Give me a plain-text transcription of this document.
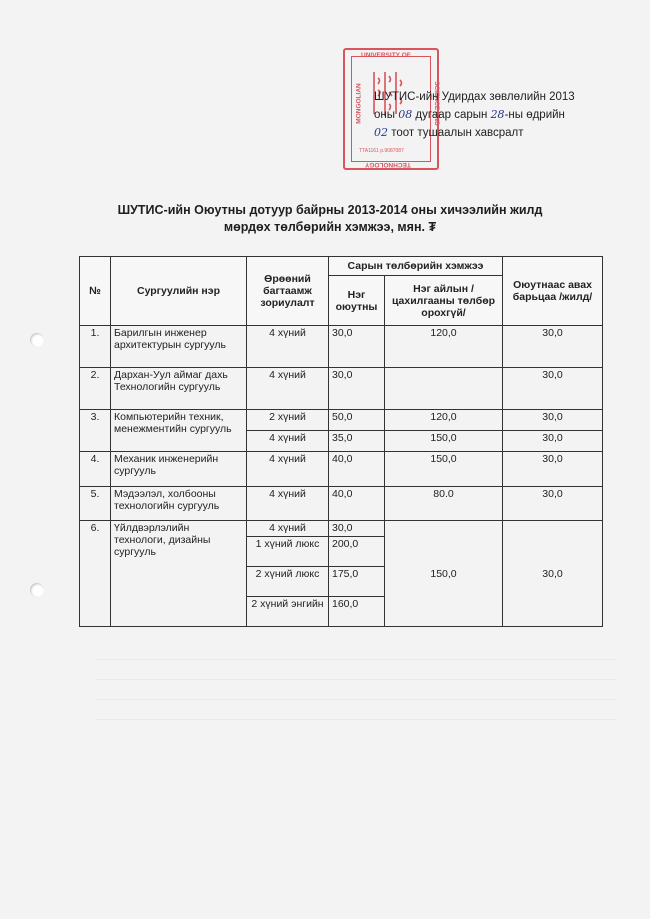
UNIVERSITY OF
MONGOLIAN	SCIENCE AND
TECHNOLOGY
TTA1161 р.9087087
ШУТИС-ийн Удирдах зөвлөлийн 2013
оны 08 дугаар сарын 28-ны өдрийн
02 тоот тушаалын хавсралт
ШУТИС-ийн Оюутны дотуур байрны 2013-2014 оны хичээлийн жилд
мөрдөх төлбөрийн хэмжээ, мян. ₮
№	Сургуулийн нэр	Өрөөний багтаамж зориулалт	Сарын төлбөрийн хэмжээ		Оюутнаас авах барьцаа /жилд/
			Нэг оюутны	Нэг айлын /цахилгааны төлбөр орохгүй/	
1.	Барилгын инженер архитектурын сургууль	4 хүний	30,0	120,0	30,0
2.	Дархан-Уул аймаг дахь Технологийн сургууль	4 хүний	30,0		30,0
3.	Компьютерийн техник, менежментийн сургууль	2 хүний	50,0	120,0	30,0
		4 хүний	35,0	150,0	30,0
4.	Механик инженерийн сургууль	4 хүний	40,0	150,0	30,0
5.	Мэдээлэл, холбооны технологийн сургууль	4 хүний	40,0	80.0	30,0
6.	Үйлдвэрлэлийн технологи, дизайны сургууль	4 хүний	30,0	150,0	30,0
		1 хүний люкс	200,0		
		2 хүний люкс	175,0		
		2 хүний энгийн	160,0		
